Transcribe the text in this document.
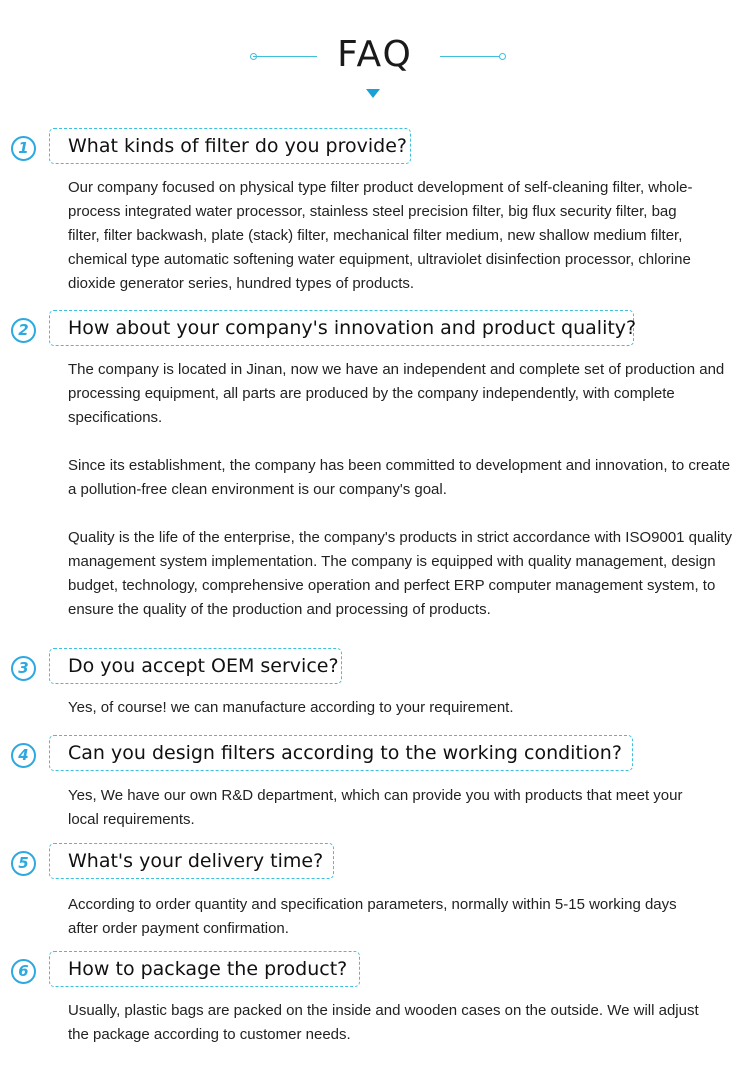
FAQ
1	What kinds of filter do you provide?

Our company focused on physical type filter product development of self-cleaning filter, whole-process integrated water processor, stainless steel precision filter, big flux security filter, bag filter, filter backwash, plate (stack) filter, mechanical filter medium, new shallow medium filter, chemical type automatic softening water equipment, ultraviolet disinfection processor, chlorine dioxide generator series, hundred types of products.

2	How about your company's innovation and product quality?

The company is located in Jinan, now we have an independent and complete set of production and processing equipment, all parts are produced by the company independently, with complete specifications.

Since its establishment, the company has been committed to development and innovation, to create a pollution-free clean environment is our company's goal.

Quality is the life of the enterprise, the company's products in strict accordance with ISO9001 quality management system implementation. The company is equipped with quality management, design budget, technology, comprehensive operation and perfect ERP computer management system, to ensure the quality of the production and processing of products.

3	Do you accept OEM service?

Yes, of course! we can manufacture according to your requirement.

4	Can you design filters according to the working condition?

Yes, We have our own R&D department, which can provide you with products that meet your local requirements.

5	What's your delivery time?

According to order quantity and specification parameters, normally within 5-15 working days after order payment confirmation.

6	How to package the product?

Usually, plastic bags are packed on the inside and wooden cases on the outside. We will adjust the package according to customer needs.
